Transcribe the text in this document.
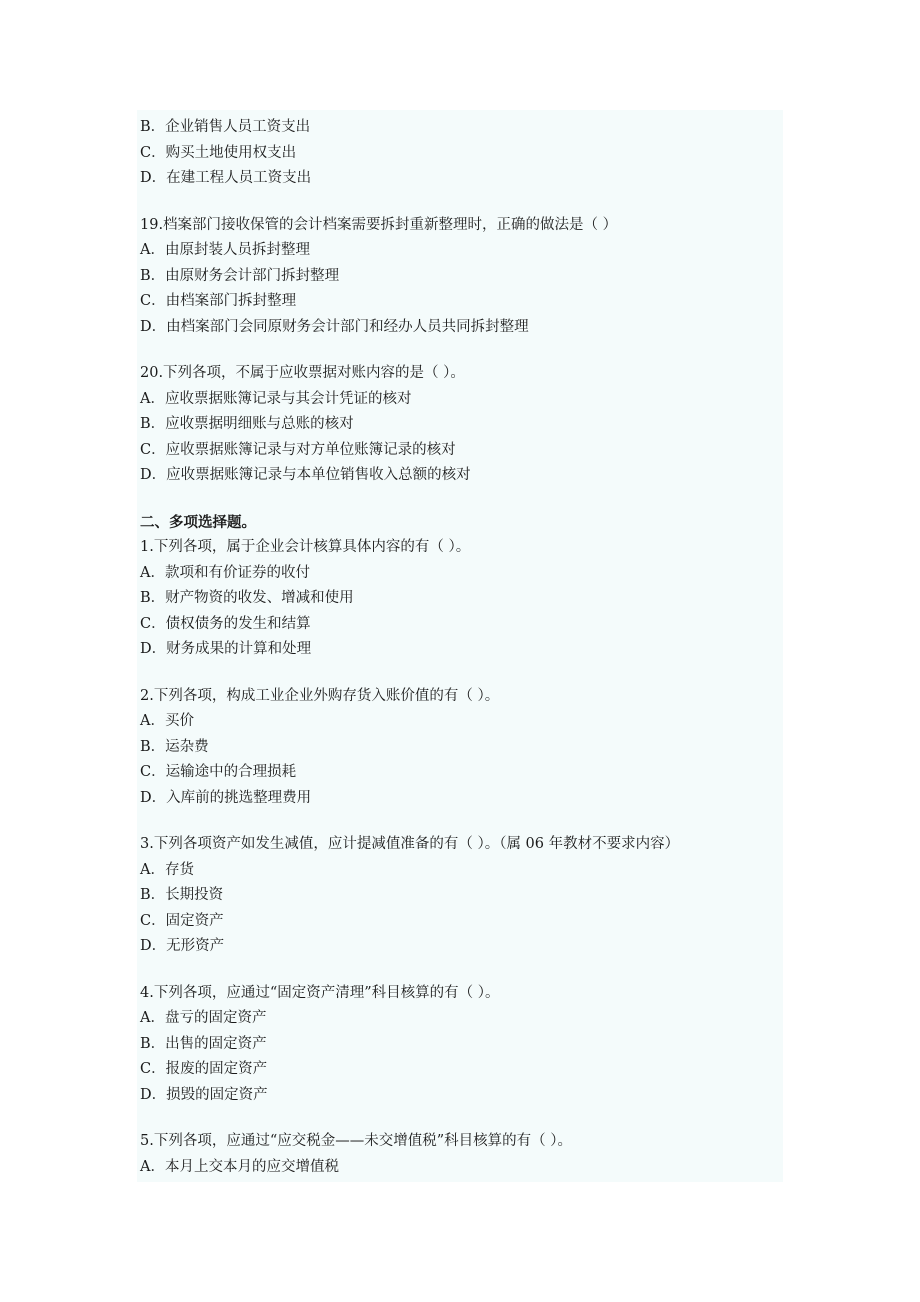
B．企业销售人员工资支出

C．购买土地使用权支出

D．在建工程人员工资支出

19.档案部门接收保管的会计档案需要拆封重新整理时，正确的做法是（ ）

A．由原封装人员拆封整理

B．由原财务会计部门拆封整理

C．由档案部门拆封整理

D．由档案部门会同原财务会计部门和经办人员共同拆封整理

20.下列各项，不属于应收票据对账内容的是（ ）。

A．应收票据账簿记录与其会计凭证的核对

B．应收票据明细账与总账的核对

C．应收票据账簿记录与对方单位账簿记录的核对

D．应收票据账簿记录与本单位销售收入总额的核对

二、多项选择题。

1.下列各项，属于企业会计核算具体内容的有（ ）。

A．款项和有价证券的收付

B．财产物资的收发、增减和使用

C．债权债务的发生和结算

D．财务成果的计算和处理

2.下列各项，构成工业企业外购存货入账价值的有（ ）。

A．买价

B．运杂费

C．运输途中的合理损耗

D．入库前的挑选整理费用

3.下列各项资产如发生减值，应计提减值准备的有（ ）。（属 06 年教材不要求内容）

A．存货

B．长期投资

C．固定资产

D．无形资产

4.下列各项，应通过“固定资产清理”科目核算的有（ ）。

A．盘亏的固定资产

B．出售的固定资产

C．报废的固定资产

D．损毁的固定资产

5.下列各项，应通过“应交税金——未交增值税”科目核算的有（ ）。

A．本月上交本月的应交增值税
